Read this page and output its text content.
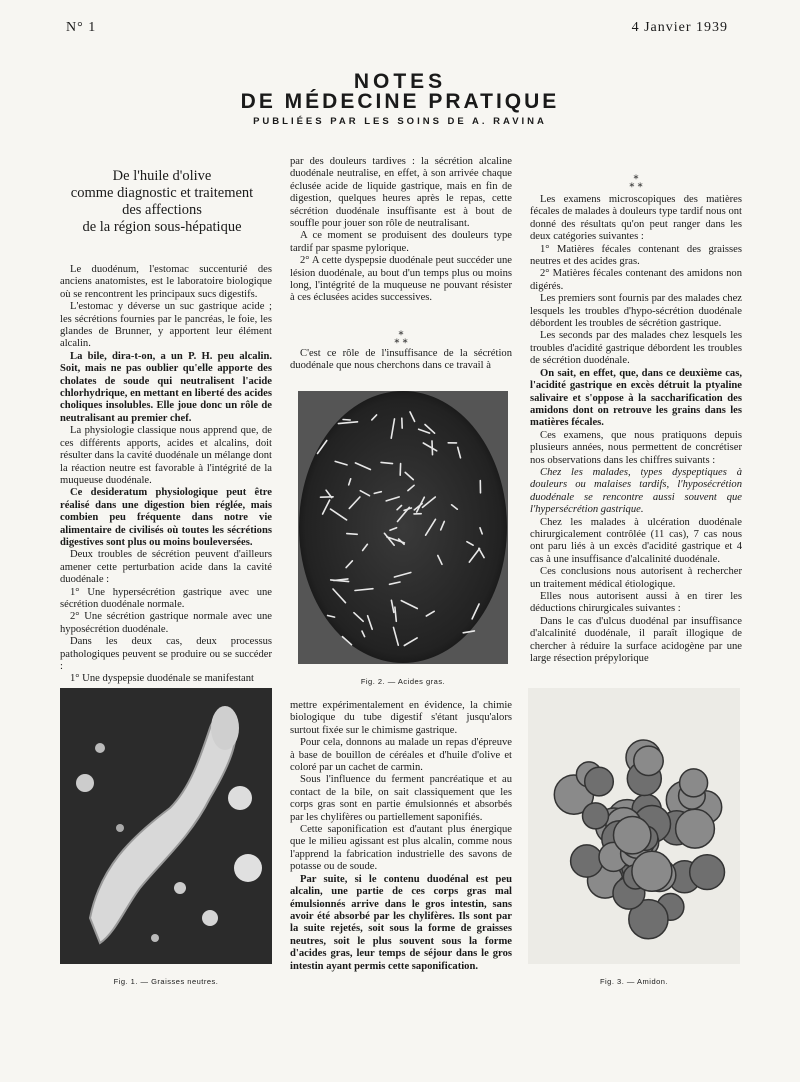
N° 1	4 Janvier 1939
NOTES
DE MÉDECINE PRATIQUE
PUBLIÉES PAR LES SOINS DE A. RAVINA
De l'huile d'olive
comme diagnostic et traitement
des affections
de la région sous-hépatique

Le duodénum, l'estomac succenturié des anciens anatomistes, est le laboratoire biologique où se rencontrent les principaux sucs digestifs.

L'estomac y déverse un suc gastrique acide ; les sécrétions fournies par le pancréas, le foie, les glandes de Brunner, y apportent leur élément alcalin.

La bile, dira-t-on, a un P. H. peu alcalin. Soit, mais ne pas oublier qu'elle apporte des cholates de soude qui neutralisent l'acide chlorhydrique, en mettant en liberté des acides choliques insolubles. Elle joue donc un rôle de neutralisant au premier chef.

La physiologie classique nous apprend que, de ces différents apports, acides et alcalins, doit résulter dans la cavité duodénale un mélange dont la réaction neutre est favorable à l'intégrité de la muqueuse duodénale.

Ce desideratum physiologique peut être réalisé dans une digestion bien réglée, mais combien peu fréquente dans notre vie alimentaire de civilisés où toutes les sécrétions digestives sont plus ou moins bouleversées.

Deux troubles de sécrétion peuvent d'ailleurs amener cette perturbation acide dans la cavité duodénale :

1° Une hypersécrétion gastrique avec une sécrétion duodénale normale.

2° Une sécrétion gastrique normale avec une hyposécrétion duodénale.

Dans les deux cas, deux processus pathologiques peuvent se produire ou se succéder :

1° Une dyspepsie duodénale se manifestant

par des douleurs tardives : la sécrétion alcaline duodénale neutralise, en effet, à son arrivée chaque éclusée acide de liquide gastrique, mais en fin de digestion, quelques heures après le repas, cette sécrétion duodénale insuffisante est à bout de souffle pour jouer son rôle de neutralisant.

A ce moment se produisent des douleurs type tardif par spasme pylorique.

2° A cette dyspepsie duodénale peut succéder une lésion duodénale, au bout d'un temps plus ou moins long, l'intégrité de la muqueuse ne pouvant résister à ces éclusées acides successives.

*
* *

C'est ce rôle de l'insuffisance de la sécrétion duodénale que nous cherchons dans ce travail à

mettre expérimentalement en évidence, la chimie biologique du tube digestif s'étant jusqu'alors surtout fixée sur le chimisme gastrique.

Pour cela, donnons au malade un repas d'épreuve à base de bouillon de céréales et d'huile d'olive et coloré par un cachet de carmin.

Sous l'influence du ferment pancréatique et au contact de la bile, on sait classiquement que les corps gras sont en partie émulsionnés et absorbés par les chylifères ou partiellement saponifiés.

Cette saponification est d'autant plus énergique que le milieu agissant est plus alcalin, comme nous l'apprend la fabrication industrielle des savons de potasse ou de soude.

Par suite, si le contenu duodénal est peu alcalin, une partie de ces corps gras mal émulsionnés arrive dans le gros intestin, sans avoir été absorbé par les chylifères. Ils sont par la suite rejetés, soit sous la forme de graisses neutres, soit le plus souvent sous la forme d'acides gras, leur temps de séjour dans le gros intestin ayant permis cette saponification.

*
* *

Les examens microscopiques des matières fécales de malades à douleurs type tardif nous ont donné des résultats qu'on peut ranger dans les deux catégories suivantes :

1° Matières fécales contenant des graisses neutres et des acides gras.

2° Matières fécales contenant des amidons non digérés.

Les premiers sont fournis par des malades chez lesquels les troubles d'hypo-sécrétion duodénale débordent les troubles de sécrétion gastrique.

Les seconds par des malades chez lesquels les troubles d'acidité gastrique débordent les troubles de sécrétion duodénale.

On sait, en effet, que, dans ce deuxième cas, l'acidité gastrique en excès détruit la ptyaline salivaire et s'oppose à la saccharification des amidons dont on retrouve les grains dans les matières fécales.

Ces examens, que nous pratiquons depuis plusieurs années, nous permettent de concrétiser nos observations dans les chiffres suivants :

Chez les malades, types dyspeptiques à douleurs ou malaises tardifs, l'hyposécrétion duodénale se rencontre aussi souvent que l'hypersécrétion gastrique.

Chez les malades à ulcération duodénale chirurgicalement contrôlée (11 cas), 7 cas nous ont paru liés à un excès d'acidité gastrique et 4 cas à une insuffisance d'alcalinité duodénale.

Ces conclusions nous autorisent à rechercher un traitement médical étiologique.

Elles nous autorisent aussi à en tirer les déductions chirurgicales suivantes :

Dans le cas d'ulcus duodénal par insuffisance d'alcalinité duodénale, il paraît illogique de chercher à réduire la surface acidogène par une large résection prépylorique

Fig. 2. — Acides gras.
Fig. 1. — Graisses neutres.	Fig. 3. — Amidon.
